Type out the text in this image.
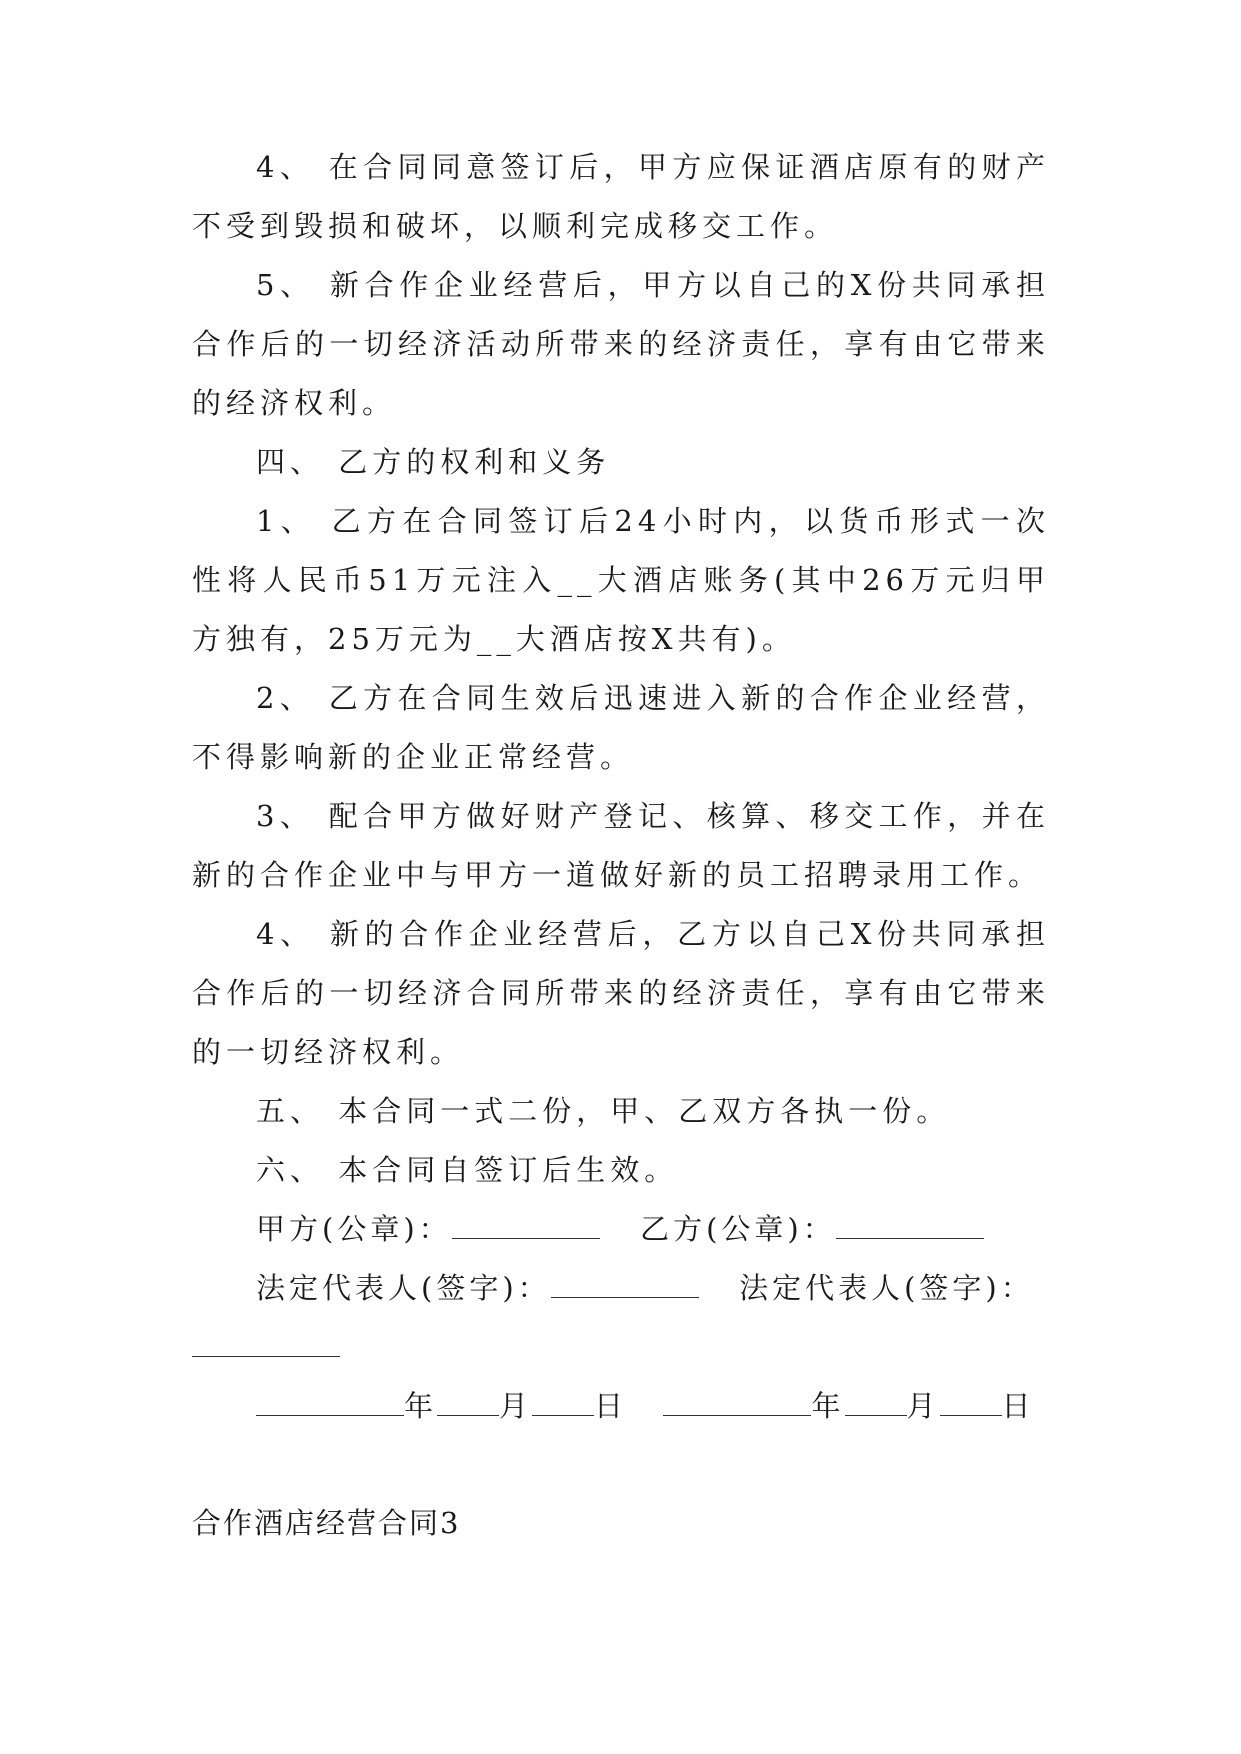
4、 在合同同意签订后，甲方应保证酒店原有的财产不受到毁损和破坏，以顺利完成移交工作。

5、 新合作企业经营后，甲方以自己的X份共同承担合作后的一切经济活动所带来的经济责任，享有由它带来的经济权利。

四、 乙方的权利和义务

1、 乙方在合同签订后24小时内，以货币形式一次性将人民币51万元注入__大酒店账务(其中26万元归甲方独有，25万元为__大酒店按X共有)。

2、 乙方在合同生效后迅速进入新的合作企业经营，不得影响新的企业正常经营。

3、 配合甲方做好财产登记、核算、移交工作，并在新的合作企业中与甲方一道做好新的员工招聘录用工作。

4、 新的合作企业经营后，乙方以自己X份共同承担合作后的一切经济合同所带来的经济责任，享有由它带来的一切经济权利。

五、 本合同一式二份，甲、乙双方各执一份。

六、 本合同自签订后生效。

甲方(公章)：	乙方(公章)：
法定代表人(签字)：	法定代表人(签字)：
年 月 日	年 月 日

合作酒店经营合同3
